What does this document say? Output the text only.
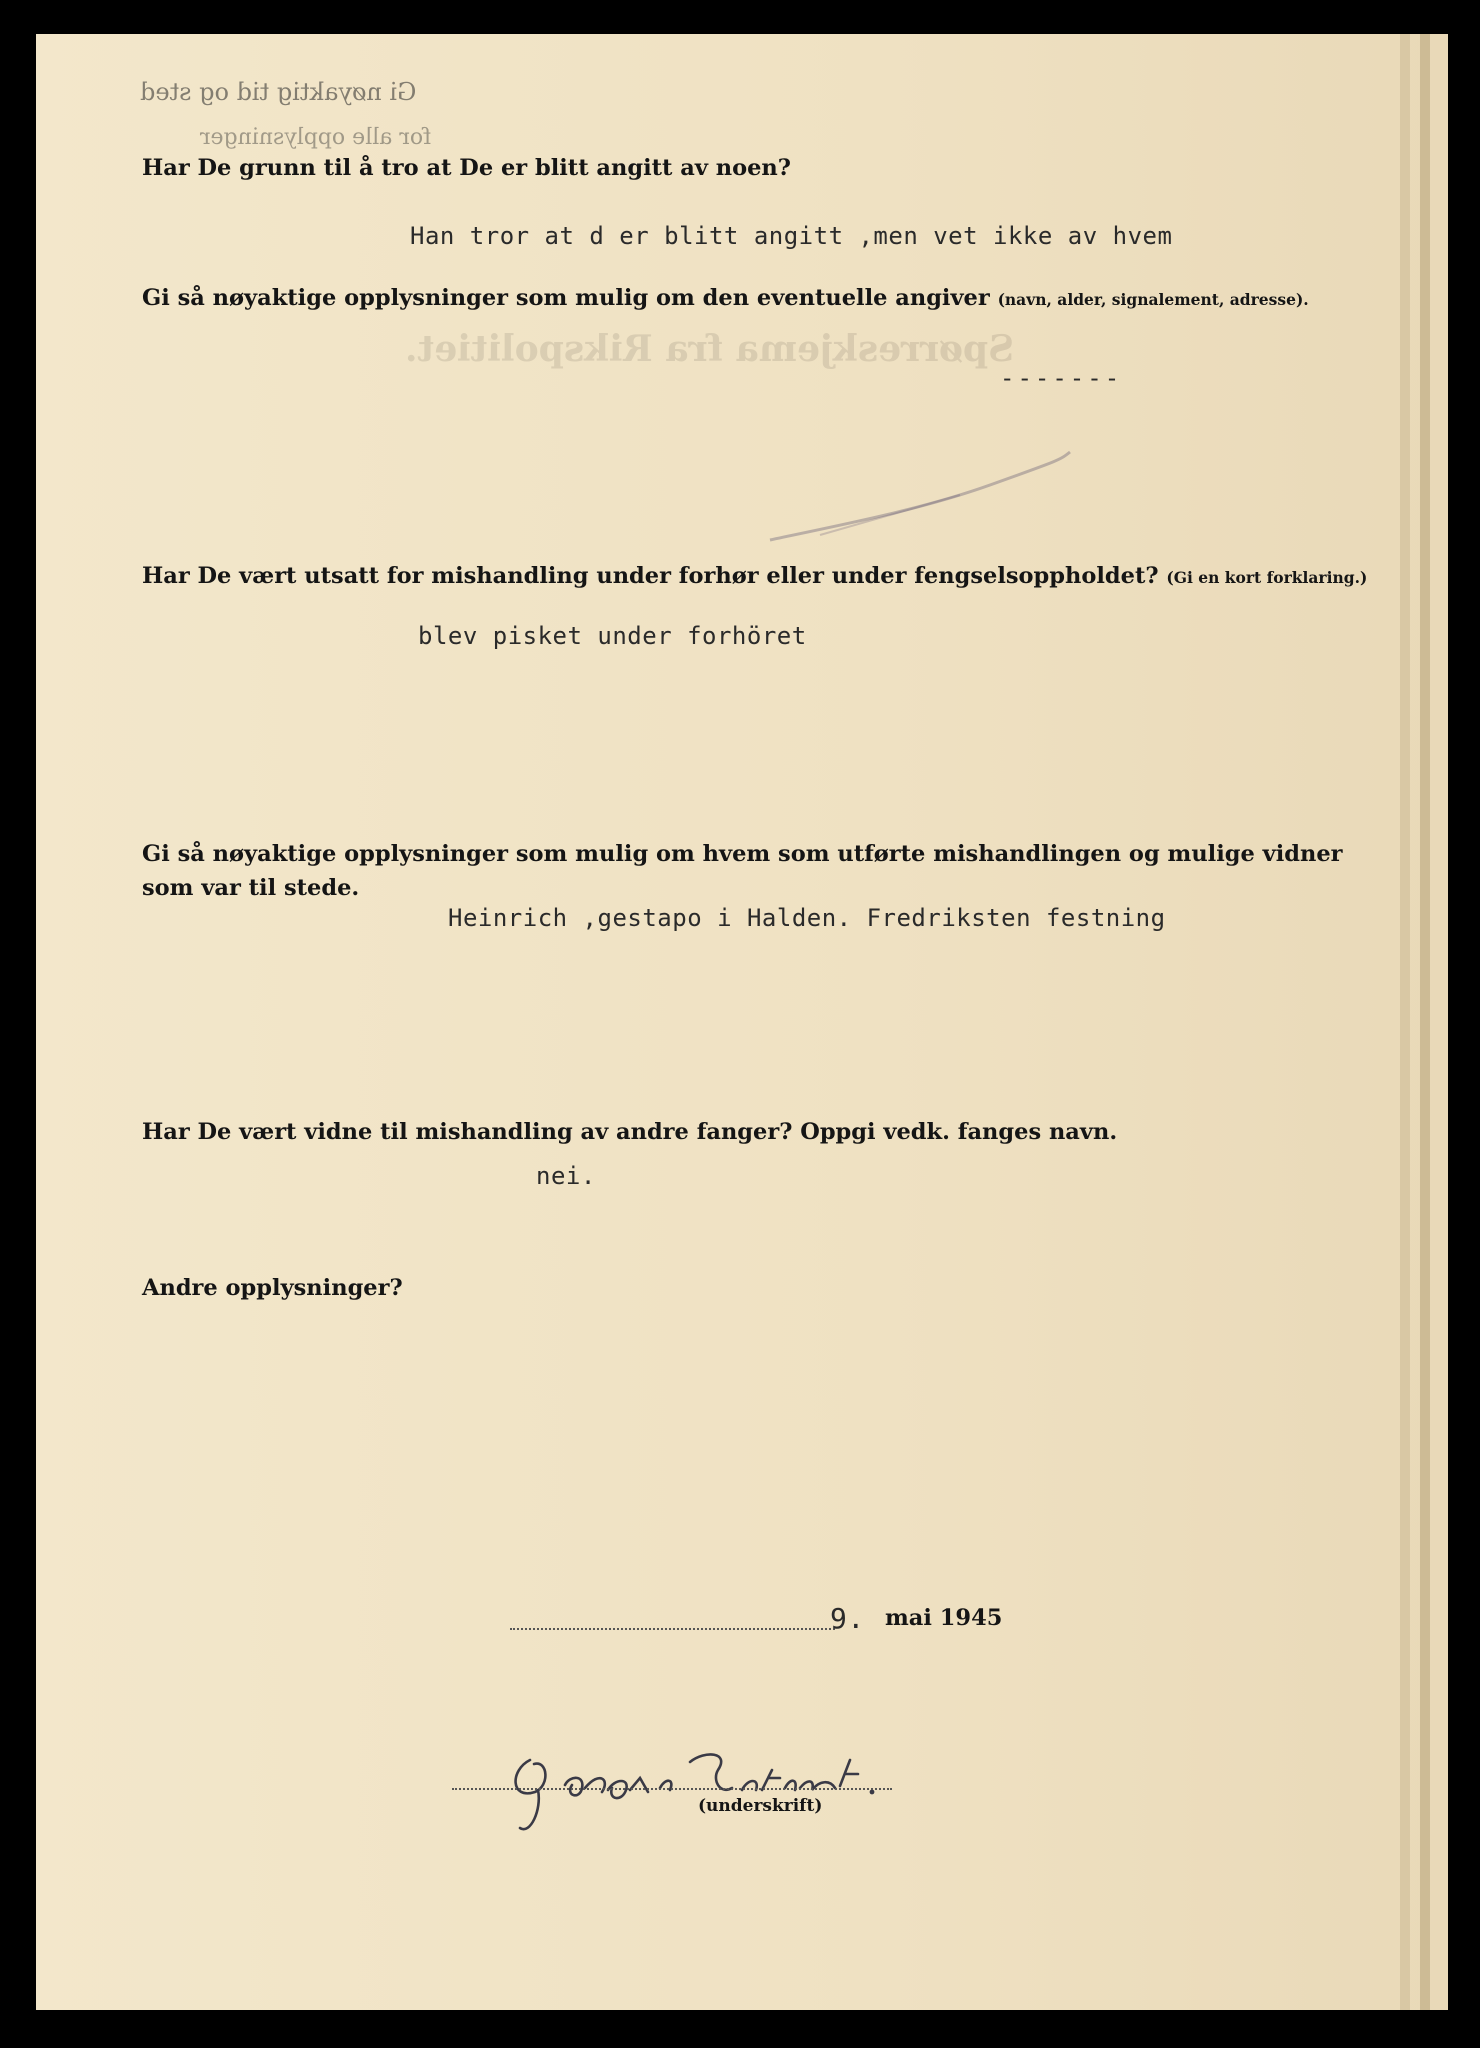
Gi nøyaktig tid og sted
for alle opplysninger
Spørreskjema fra Rikspolitiet.
Har De grunn til å tro at De er blitt angitt av noen?
Han tror at d er blitt angitt ,men vet ikke av hvem
Gi så nøyaktige opplysninger som mulig om den eventuelle angiver (navn, alder, signalement, adresse).
-------
Har De vært utsatt for mishandling under forhør eller under fengselsoppholdet? (Gi en kort forklaring.)
blev pisket under forhöret
Gi så nøyaktige opplysninger som mulig om hvem som utførte mishandlingen og mulige vidner
som var til stede.
Heinrich ,gestapo i Halden. Fredriksten festning
Har De vært vidne til mishandling av andre fanger? Oppgi vedk. fanges navn.
nei.
Andre opplysninger?
9. mai 1945
(underskrift)
